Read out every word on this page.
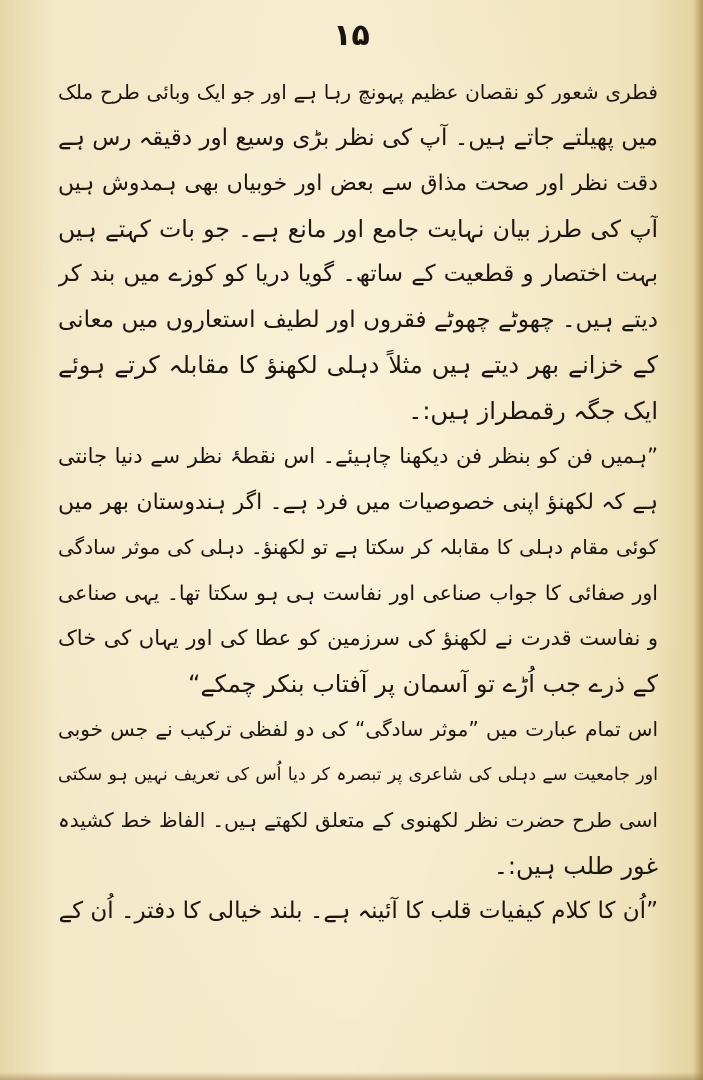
۱۵
فطری شعور کو نقصان عظیم پہونچ رہا ہے اور جو ایک وبائی طرح ملک
میں پھیلتے جاتے ہیں۔ آپ کی نظر بڑی وسیع اور دقیقہ رس ہے
دقت نظر اور صحت مذاق سے بعض اور خوبیاں بھی ہمدوش ہیں
آپ کی طرز بیان نہایت جامع اور مانع ہے۔ جو بات کہتے ہیں
بہت اختصار و قطعیت کے ساتھ۔ گویا دریا کو کوزے میں بند کر
دیتے ہیں۔ چھوٹے چھوٹے فقروں اور لطیف استعاروں میں معانی
کے خزانے بھر دیتے ہیں مثلاً دہلی لکھنؤ کا مقابلہ کرتے ہوئے
ایک جگہ رقمطراز ہیں:۔
”ہمیں فن کو بنظر فن دیکھنا چاہیئے۔ اس نقطۂ نظر سے دنیا جانتی
ہے کہ لکھنؤ اپنی خصوصیات میں فرد ہے۔ اگر ہندوستان بھر میں
کوئی مقام دہلی کا مقابلہ کر سکتا ہے تو لکھنؤ۔ دہلی کی موثر سادگی
اور صفائی کا جواب صناعی اور نفاست ہی ہو سکتا تھا۔ یہی صناعی
و نفاست قدرت نے لکھنؤ کی سرزمین کو عطا کی اور یہاں کی خاک
کے ذرے جب اُڑے تو آسمان پر آفتاب بنکر چمکے“
اس تمام عبارت میں ”موثر سادگی“ کی دو لفظی ترکیب نے جس خوبی
اور جامعیت سے دہلی کی شاعری پر تبصرہ کر دیا اُس کی تعریف نہیں ہو سکتی
اسی طرح حضرت نظر لکھنوی کے متعلق لکھتے ہیں۔ الفاظ خط کشیدہ
غور طلب ہیں:۔
”اُن کا کلام کیفیات قلب کا آئینہ ہے۔ بلند خیالی کا دفتر۔ اُن کے
